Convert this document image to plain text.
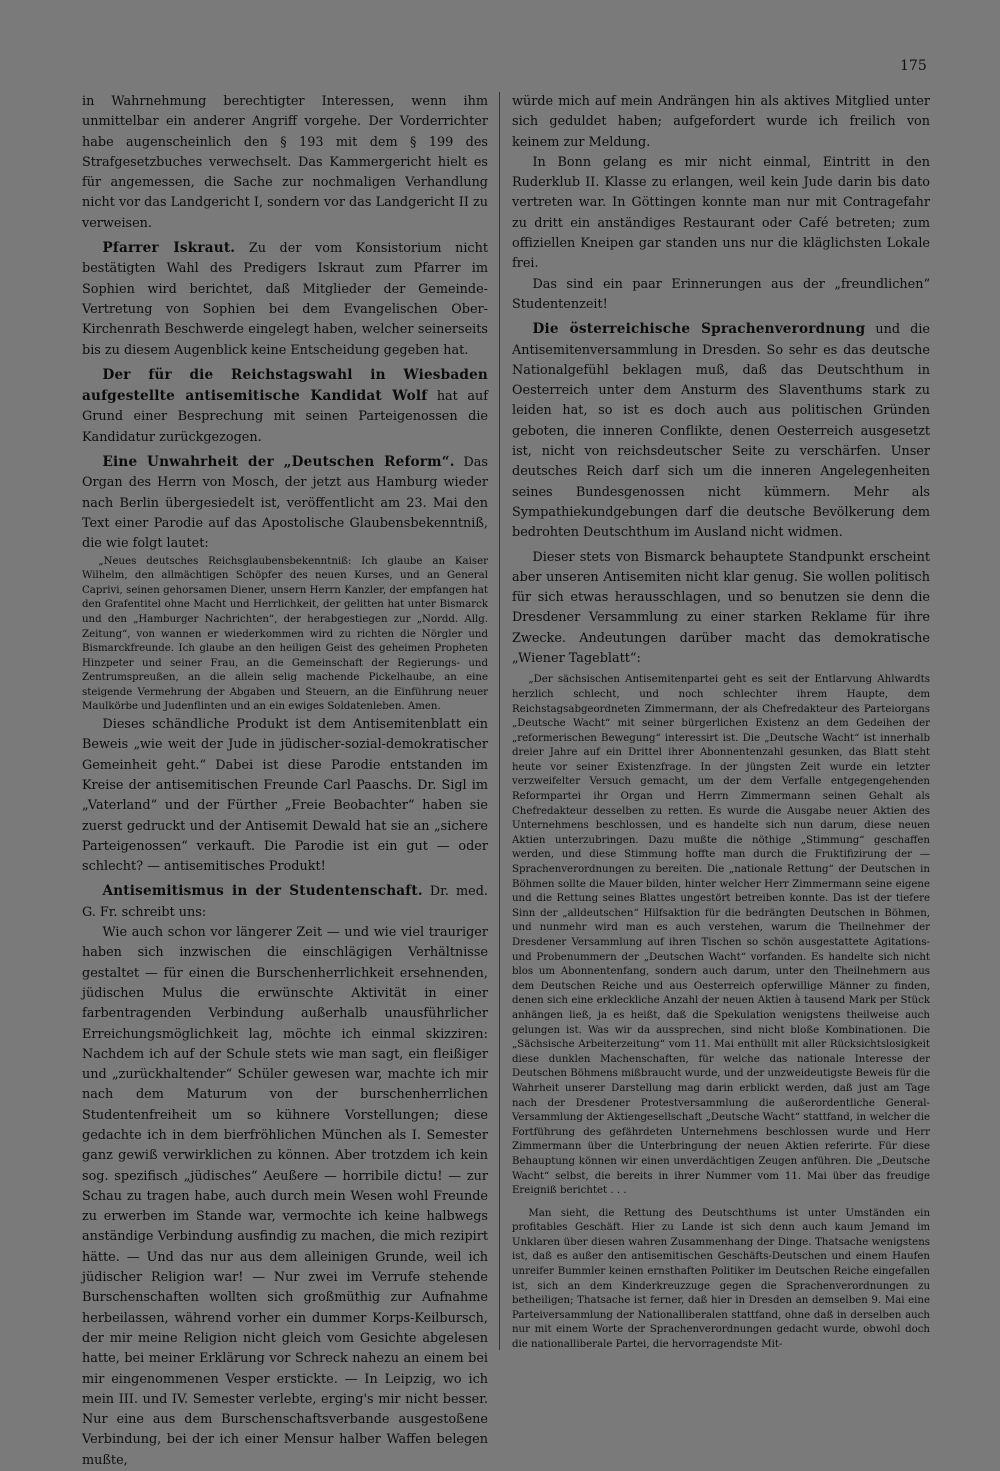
175

in Wahrnehmung berechtigter Interessen, wenn ihm unmittelbar ein anderer Angriff vorgehe. Der Vorderrichter habe augenscheinlich den § 193 mit dem § 199 des Strafgesetzbuches verwechselt. Das Kammergericht hielt es für angemessen, die Sache zur nochmaligen Verhandlung nicht vor das Landgericht I, sondern vor das Landgericht II zu verweisen.

Pfarrer Iskraut. Zu der vom Konsistorium nicht bestätigten Wahl des Predigers Iskraut zum Pfarrer im Sophien wird berichtet, daß Mitglieder der Gemeinde-Vertretung von Sophien bei dem Evangelischen Ober-Kirchenrath Beschwerde eingelegt haben, welcher seinerseits bis zu diesem Augenblick keine Entscheidung gegeben hat.

Der für die Reichstagswahl in Wiesbaden aufgestellte antisemitische Kandidat Wolf hat auf Grund einer Besprechung mit seinen Parteigenossen die Kandidatur zurückgezogen.

Eine Unwahrheit der „Deutschen Reform“. Das Organ des Herrn von Mosch, der jetzt aus Hamburg wieder nach Berlin übergesiedelt ist, veröffentlicht am 23. Mai den Text einer Parodie auf das Apostolische Glaubensbekenntniß, die wie folgt lautet:

„Neues deutsches Reichsglaubensbekenntniß: Ich glaube an Kaiser Wilhelm, den allmächtigen Schöpfer des neuen Kurses, und an General Caprivi, seinen gehorsamen Diener, unsern Herrn Kanzler, der empfangen hat den Grafentitel ohne Macht und Herrlichkeit, der gelitten hat unter Bismarck und den „Hamburger Nachrichten“, der herabgestiegen zur „Nordd. Allg. Zeitung“, von wannen er wiederkommen wird zu richten die Nörgler und Bismarckfreunde. Ich glaube an den heiligen Geist des geheimen Propheten Hinzpeter und seiner Frau, an die Gemeinschaft der Regierungs- und Zentrumspreußen, an die allein selig machende Pickelhaube, an eine steigende Vermehrung der Abgaben und Steuern, an die Einführung neuer Maulkörbe und Judenflinten und an ein ewiges Soldatenleben. Amen.

Dieses schändliche Produkt ist dem Antisemitenblatt ein Beweis „wie weit der Jude in jüdischer-sozial-demokratischer Gemeinheit geht.“ Dabei ist diese Parodie entstanden im Kreise der antisemitischen Freunde Carl Paaschs. Dr. Sigl im „Vaterland“ und der Fürther „Freie Beobachter“ haben sie zuerst gedruckt und der Antisemit Dewald hat sie an „sichere Parteigenossen“ verkauft. Die Parodie ist ein gut — oder schlecht? — antisemitisches Produkt!

Antisemitismus in der Studentenschaft. Dr. med. G. Fr. schreibt uns:

Wie auch schon vor längerer Zeit — und wie viel trauriger haben sich inzwischen die einschlägigen Verhältnisse gestaltet — für einen die Burschenherrlichkeit ersehnenden, jüdischen Mulus die erwünschte Aktivität in einer farbentragenden Verbindung außerhalb unausführlicher Erreichungsmöglichkeit lag, möchte ich einmal skizziren: Nachdem ich auf der Schule stets wie man sagt, ein fleißiger und „zurückhaltender“ Schüler gewesen war, machte ich mir nach dem Maturum von der burschenherrlichen Studentenfreiheit um so kühnere Vorstellungen; diese gedachte ich in dem bierfröhlichen München als I. Semester ganz gewiß verwirklichen zu können. Aber trotzdem ich kein sog. spezifisch „jüdisches“ Aeußere — horribile dictu! — zur Schau zu tragen habe, auch durch mein Wesen wohl Freunde zu erwerben im Stande war, vermochte ich keine halbwegs anständige Verbindung ausfindig zu machen, die mich rezipirt hätte. — Und das nur aus dem alleinigen Grunde, weil ich jüdischer Religion war! — Nur zwei im Verrufe stehende Burschenschaften wollten sich großmüthig zur Aufnahme herbeilassen, während vorher ein dummer Korps-Keilbursch, der mir meine Religion nicht gleich vom Gesichte abgelesen hatte, bei meiner Erklärung vor Schreck nahezu an einem bei mir eingenommenen Vesper erstickte. — In Leipzig, wo ich mein III. und IV. Semester verlebte, erging's mir nicht besser. Nur eine aus dem Burschenschaftsverbande ausgestoßene Verbindung, bei der ich einer Mensur halber Waffen belegen mußte,

würde mich auf mein Andrängen hin als aktives Mitglied unter sich geduldet haben; aufgefordert wurde ich freilich von keinem zur Meldung.

In Bonn gelang es mir nicht einmal, Eintritt in den Ruderklub II. Klasse zu erlangen, weil kein Jude darin bis dato vertreten war. In Göttingen konnte man nur mit Contragefahr zu dritt ein anständiges Restaurant oder Café betreten; zum offiziellen Kneipen gar standen uns nur die kläglichsten Lokale frei.

Das sind ein paar Erinnerungen aus der „freundlichen“ Studentenzeit!

Die österreichische Sprachenverordnung und die Antisemitenversammlung in Dresden. So sehr es das deutsche Nationalgefühl beklagen muß, daß das Deutschthum in Oesterreich unter dem Ansturm des Slaventhums stark zu leiden hat, so ist es doch auch aus politischen Gründen geboten, die inneren Conflikte, denen Oesterreich ausgesetzt ist, nicht von reichsdeutscher Seite zu verschärfen. Unser deutsches Reich darf sich um die inneren Angelegenheiten seines Bundesgenossen nicht kümmern. Mehr als Sympathiekundgebungen darf die deutsche Bevölkerung dem bedrohten Deutschthum im Ausland nicht widmen.

Dieser stets von Bismarck behauptete Standpunkt erscheint aber unseren Antisemiten nicht klar genug. Sie wollen politisch für sich etwas herausschlagen, und so benutzen sie denn die Dresdener Versammlung zu einer starken Reklame für ihre Zwecke. Andeutungen darüber macht das demokratische „Wiener Tageblatt“:

„Der sächsischen Antisemitenpartei geht es seit der Entlarvung Ahlwardts herzlich schlecht, und noch schlechter ihrem Haupte, dem Reichstagsabgeordneten Zimmermann, der als Chefredakteur des Parteiorgans „Deutsche Wacht“ mit seiner bürgerlichen Existenz an dem Gedeihen der „reformerischen Bewegung“ interessirt ist. Die „Deutsche Wacht“ ist innerhalb dreier Jahre auf ein Drittel ihrer Abonnentenzahl gesunken, das Blatt steht heute vor seiner Existenzfrage. In der jüngsten Zeit wurde ein letzter verzweifelter Versuch gemacht, um der dem Verfalle entgegengehenden Reformpartei ihr Organ und Herrn Zimmermann seinen Gehalt als Chefredakteur desselben zu retten. Es wurde die Ausgabe neuer Aktien des Unternehmens beschlossen, und es handelte sich nun darum, diese neuen Aktien unterzubringen. Dazu mußte die nöthige „Stimmung“ geschaffen werden, und diese Stimmung hoffte man durch die Fruktifizirung der — Sprachenverordnungen zu bereiten. Die „nationale Rettung“ der Deutschen in Böhmen sollte die Mauer bilden, hinter welcher Herr Zimmermann seine eigene und die Rettung seines Blattes ungestört betreiben konnte. Das ist der tiefere Sinn der „alldeutschen“ Hilfsaktion für die bedrängten Deutschen in Böhmen, und nunmehr wird man es auch verstehen, warum die Theilnehmer der Dresdener Versammlung auf ihren Tischen so schön ausgestattete Agitations- und Probenummern der „Deutschen Wacht“ vorfanden. Es handelte sich nicht blos um Abonnentenfang, sondern auch darum, unter den Theilnehmern aus dem Deutschen Reiche und aus Oesterreich opferwillige Männer zu finden, denen sich eine erkleckliche Anzahl der neuen Aktien à tausend Mark per Stück anhängen ließ, ja es heißt, daß die Spekulation wenigstens theilweise auch gelungen ist. Was wir da aussprechen, sind nicht bloße Kombinationen. Die „Sächsische Arbeiterzeitung“ vom 11. Mai enthüllt mit aller Rücksichtslosigkeit diese dunklen Machenschaften, für welche das nationale Interesse der Deutschen Böhmens mißbraucht wurde, und der unzweideutigste Beweis für die Wahrheit unserer Darstellung mag darin erblickt werden, daß just am Tage nach der Dresdener Protestversammlung die außerordentliche General-Versammlung der Aktiengesellschaft „Deutsche Wacht“ stattfand, in welcher die Fortführung des gefährdeten Unternehmens beschlossen wurde und Herr Zimmermann über die Unterbringung der neuen Aktien referirte. Für diese Behauptung können wir einen unverdächtigen Zeugen anführen. Die „Deutsche Wacht“ selbst, die bereits in ihrer Nummer vom 11. Mai über das freudige Ereigniß berichtet . . .

Man sieht, die Rettung des Deutschthums ist unter Umständen ein profitables Geschäft. Hier zu Lande ist sich denn auch kaum Jemand im Unklaren über diesen wahren Zusammenhang der Dinge. Thatsache wenigstens ist, daß es außer den antisemitischen Geschäfts-Deutschen und einem Haufen unreifer Bummler keinen ernsthaften Politiker im Deutschen Reiche eingefallen ist, sich an dem Kinderkreuzzuge gegen die Sprachenverordnungen zu betheiligen; Thatsache ist ferner, daß hier in Dresden an demselben 9. Mai eine Parteiversammlung der Nationalliberalen stattfand, ohne daß in derselben auch nur mit einem Worte der Sprachenverordnungen gedacht wurde, obwohl doch die nationalliberale Partei, die hervorragendste Mit-
